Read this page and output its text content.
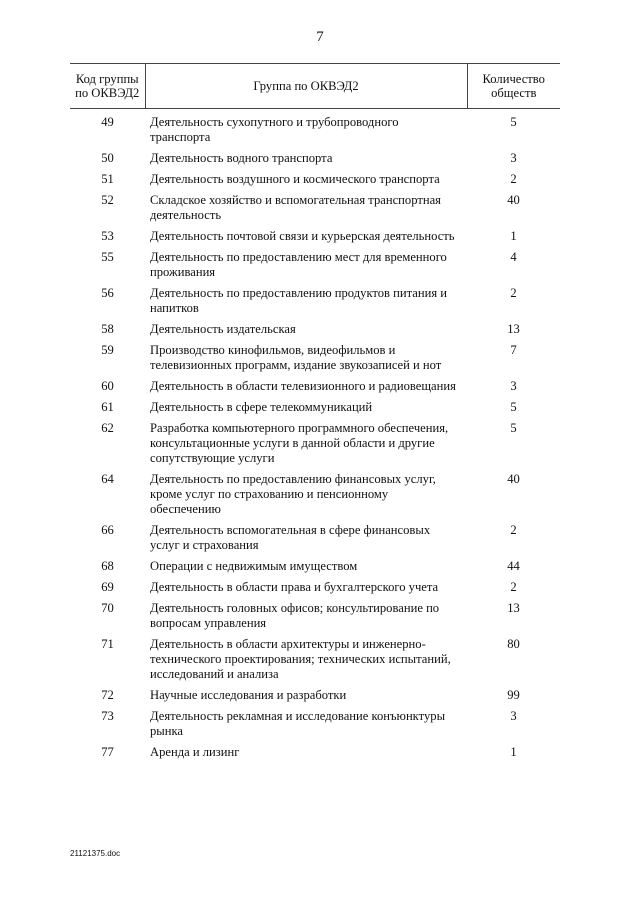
7
Код группы по ОКВЭД2	Группа по ОКВЭД2	Количество обществ

49	Деятельность сухопутного и трубопроводного транспорта	5
50	Деятельность водного транспорта	3
51	Деятельность воздушного и космического транспорта	2
52	Складское хозяйство и вспомогательная транспортная деятельность	40
53	Деятельность почтовой связи и курьерская деятельность	1
55	Деятельность по предоставлению мест для временного проживания	4
56	Деятельность по предоставлению продуктов питания и напитков	2
58	Деятельность издательская	13
59	Производство кинофильмов, видеофильмов и телевизионных программ, издание звукозаписей и нот	7
60	Деятельность в области телевизионного и радиовещания	3
61	Деятельность в сфере телекоммуникаций	5
62	Разработка компьютерного программного обеспечения, консультационные услуги в данной области и другие сопутствующие услуги	5
64	Деятельность по предоставлению финансовых услуг, кроме услуг по страхованию и пенсионному обеспечению	40
66	Деятельность вспомогательная в сфере финансовых услуг и страхования	2
68	Операции с недвижимым имуществом	44
69	Деятельность в области права и бухгалтерского учета	2
70	Деятельность головных офисов; консультирование по вопросам управления	13
71	Деятельность в области архитектуры и инженерно-технического проектирования; технических испытаний, исследований и анализа	80
72	Научные исследования и разработки	99
73	Деятельность рекламная и исследование конъюнктуры рынка	3
77	Аренда и лизинг	1
21121375.doc
